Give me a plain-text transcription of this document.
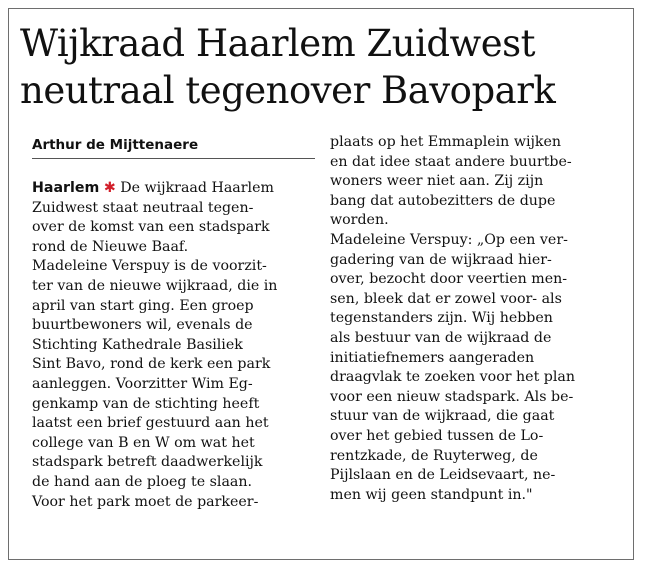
Wijkraad Haarlem Zuidwest
neutraal tegenover Bavopark
Arthur de Mijttenaere
Haarlem ✱ De wijkraad Haarlem
Zuidwest staat neutraal tegen-
over de komst van een stadspark
rond de Nieuwe Baaf.
Madeleine Verspuy is de voorzit-
ter van de nieuwe wijkraad, die in
april van start ging. Een groep
buurtbewoners wil, evenals de
Stichting Kathedrale Basiliek
Sint Bavo, rond de kerk een park
aanleggen. Voorzitter Wim Eg-
genkamp van de stichting heeft
laatst een brief gestuurd aan het
college van B en W om wat het
stadspark betreft daadwerkelijk
de hand aan de ploeg te slaan.
Voor het park moet de parkeer-
plaats op het Emmaplein wijken
en dat idee staat andere buurtbe-
woners weer niet aan. Zij zijn
bang dat autobezitters de dupe
worden.
Madeleine Verspuy: „Op een ver-
gadering van de wijkraad hier-
over, bezocht door veertien men-
sen, bleek dat er zowel voor- als
tegenstanders zijn. Wij hebben
als bestuur van de wijkraad de
initiatiefnemers aangeraden
draagvlak te zoeken voor het plan
voor een nieuw stadspark. Als be-
stuur van de wijkraad, die gaat
over het gebied tussen de Lo-
rentzkade, de Ruyterweg, de
Pijlslaan en de Leidsevaart, ne-
men wij geen standpunt in."
